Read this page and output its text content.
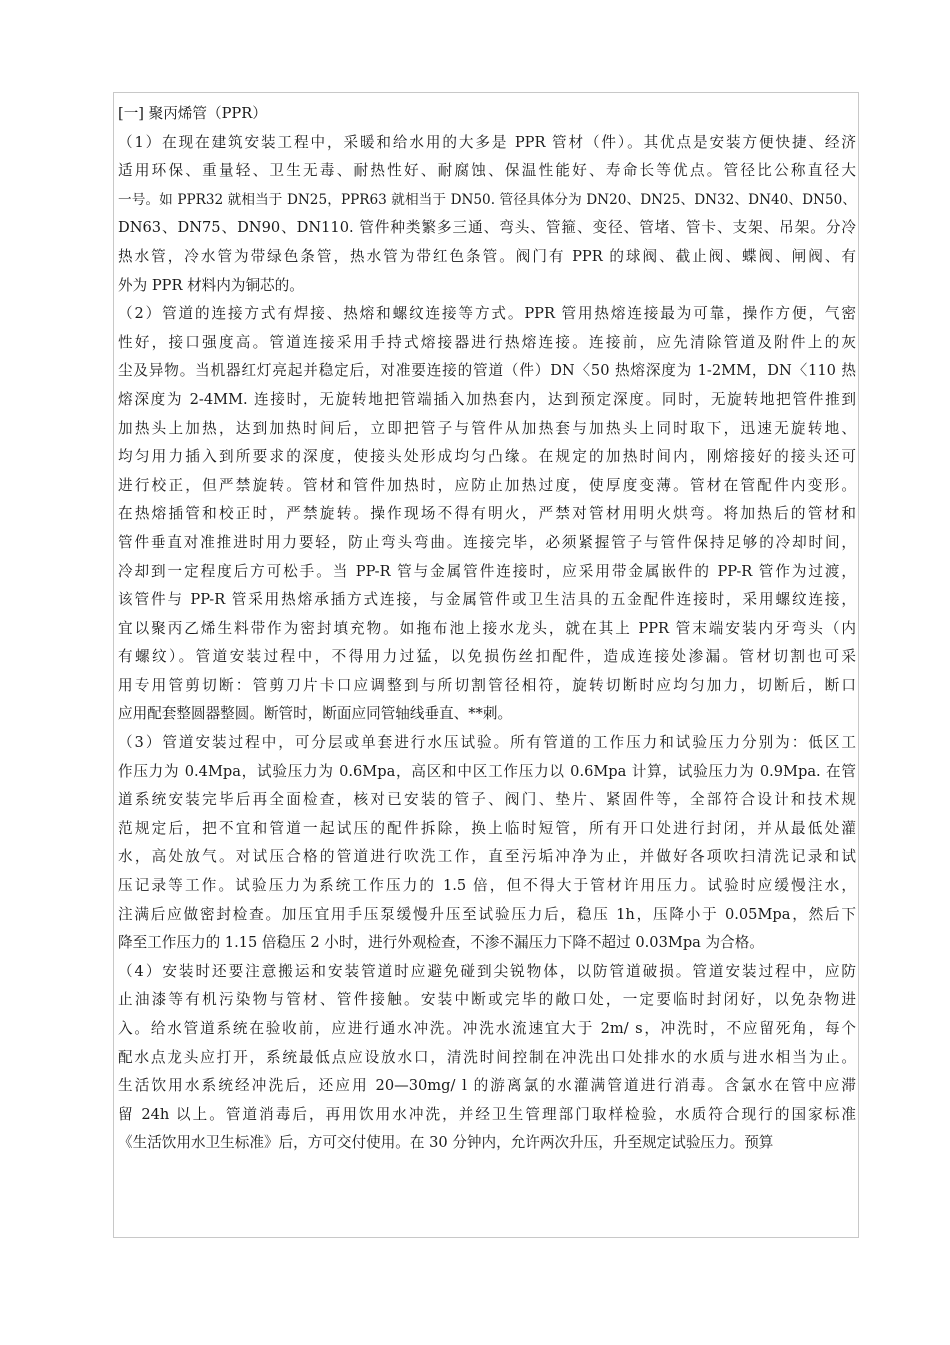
[一] 聚丙烯管（PPR）
（1）在现在建筑安装工程中，采暖和给水用的大多是 PPR 管材（件）。其优点是安装方便快捷、经济
适用环保、重量轻、卫生无毒、耐热性好、耐腐蚀、保温性能好、寿命长等优点。管径比公称直径大
一号。如 PPR32 就相当于 DN25，PPR63 就相当于 DN50. 管径具体分为 DN20、DN25、DN32、DN40、DN50、
DN63、DN75、DN90、DN110. 管件种类繁多三通、弯头、管箍、变径、管堵、管卡、支架、吊架。分冷
热水管，冷水管为带绿色条管，热水管为带红色条管。阀门有 PPR 的球阀、截止阀、蝶阀、闸阀、有
外为 PPR 材料内为铜芯的。
（2）管道的连接方式有焊接、热熔和螺纹连接等方式。PPR 管用热熔连接最为可靠，操作方便，气密
性好，接口强度高。管道连接采用手持式熔接器进行热熔连接。连接前，应先清除管道及附件上的灰
尘及异物。当机器红灯亮起并稳定后，对准要连接的管道（件）DN〈50 热熔深度为 1-2MM，DN〈110 热
熔深度为 2-4MM. 连接时，无旋转地把管端插入加热套内，达到预定深度。同时，无旋转地把管件推到
加热头上加热，达到加热时间后，立即把管子与管件从加热套与加热头上同时取下，迅速无旋转地、
均匀用力插入到所要求的深度，使接头处形成均匀凸缘。在规定的加热时间内，刚熔接好的接头还可
进行校正，但严禁旋转。管材和管件加热时，应防止加热过度，使厚度变薄。管材在管配件内变形。
在热熔插管和校正时，严禁旋转。操作现场不得有明火，严禁对管材用明火烘弯。将加热后的管材和
管件垂直对准推进时用力要轻，防止弯头弯曲。连接完毕，必须紧握管子与管件保持足够的冷却时间，
冷却到一定程度后方可松手。当 PP-R 管与金属管件连接时，应采用带金属嵌件的 PP-R 管作为过渡，
该管件与 PP-R 管采用热熔承插方式连接，与金属管件或卫生洁具的五金配件连接时，采用螺纹连接，
宜以聚丙乙烯生料带作为密封填充物。如拖布池上接水龙头，就在其上 PPR 管末端安装内牙弯头（内
有螺纹）。管道安装过程中，不得用力过猛，以免损伤丝扣配件，造成连接处渗漏。管材切割也可采
用专用管剪切断：管剪刀片卡口应调整到与所切割管径相符，旋转切断时应均匀加力，切断后，断口
应用配套整圆器整圆。断管时，断面应同管轴线垂直、**刺。
（3）管道安装过程中，可分层或单套进行水压试验。所有管道的工作压力和试验压力分别为：低区工
作压力为 0.4Mpa，试验压力为 0.6Mpa，高区和中区工作压力以 0.6Mpa 计算，试验压力为 0.9Mpa. 在管
道系统安装完毕后再全面检查，核对已安装的管子、阀门、垫片、紧固件等，全部符合设计和技术规
范规定后，把不宜和管道一起试压的配件拆除，换上临时短管，所有开口处进行封闭，并从最低处灌
水，高处放气。对试压合格的管道进行吹洗工作，直至污垢冲净为止，并做好各项吹扫清洗记录和试
压记录等工作。试验压力为系统工作压力的 1.5 倍，但不得大于管材许用压力。试验时应缓慢注水，
注满后应做密封检查。加压宜用手压泵缓慢升压至试验压力后，稳压 1h，压降小于 0.05Mpa，然后下
降至工作压力的 1.15 倍稳压 2 小时，进行外观检查，不渗不漏压力下降不超过 0.03Mpa 为合格。
（4）安装时还要注意搬运和安装管道时应避免碰到尖锐物体，以防管道破损。管道安装过程中，应防
止油漆等有机污染物与管材、管件接触。安装中断或完毕的敞口处，一定要临时封闭好，以免杂物进
入。给水管道系统在验收前，应进行通水冲洗。冲洗水流速宜大于 2m/ s，冲洗时，不应留死角，每个
配水点龙头应打开，系统最低点应设放水口，清洗时间控制在冲洗出口处排水的水质与进水相当为止。
生活饮用水系统经冲洗后，还应用 20—30mg/ l 的游离氯的水灌满管道进行消毒。含氯水在管中应滞
留 24h 以上。管道消毒后，再用饮用水冲洗，并经卫生管理部门取样检验，水质符合现行的国家标准
《生活饮用水卫生标准》后，方可交付使用。在 30 分钟内，允许两次升压，升至规定试验压力。预算
